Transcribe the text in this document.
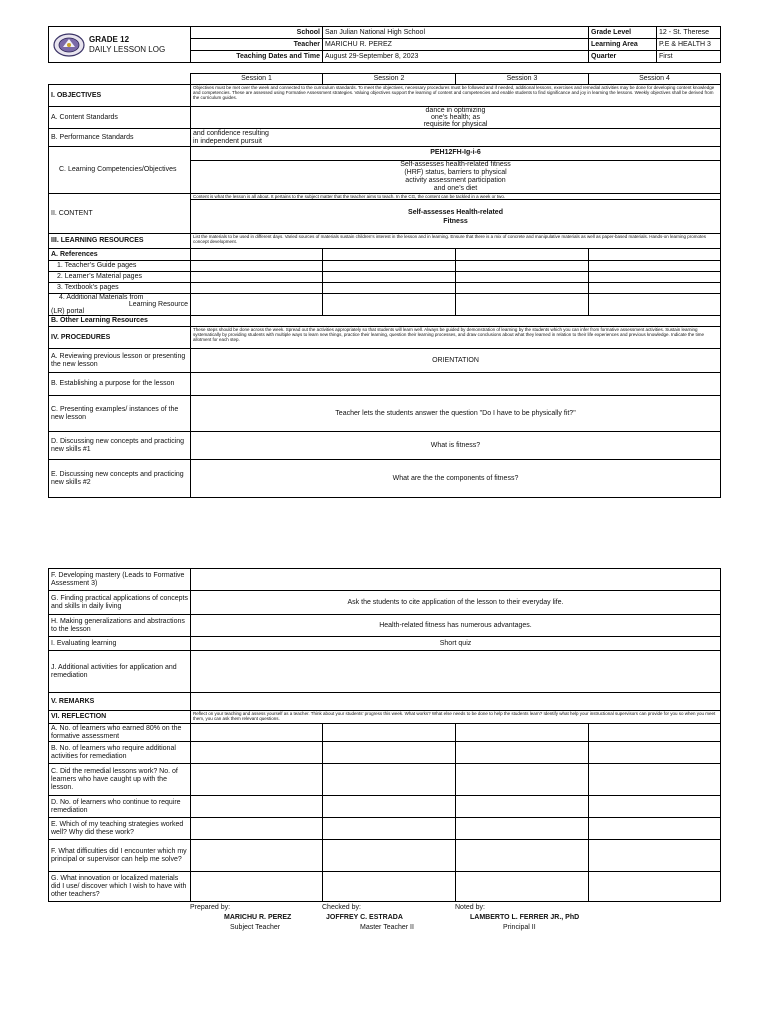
GRADE 12
DAILY LESSON LOG	School	San Julian National High School	Grade Level	12 - St. Therese
	Teacher	MARICHU R. PEREZ	Learning Area	P.E & HEALTH 3
	Teaching Dates and Time	August 29-September 8, 2023	Quarter	First
	Session 1	Session 2	Session 3	Session 4
I. OBJECTIVES	Objectives must be met over the week and connected to the curriculum standards. To meet the objectives, necessary procedures must be followed and if needed, additional lessons, exercises and remedial activities may be done for developing content knowledge and competencies. These are assessed using Formative Assessment strategies. Valuing objectives support the learning of content and competencies and enable students to find significance and joy in learning the lessons. Weekly objectives shall be derived from the curriculum guides.			
A. Content Standards	dance in optimizing
one’s health; as
requisite for physical			

B. Performance Standards	and confidence resulting
in independent pursuit			

C. Learning Competencies/Objectives	PEH12FH-Ig-i-6
Self-assesses health-related fitness
(HRF) status, barriers to physical
activity assessment participation
and one’s diet			

II. CONTENT	Content is what the lesson is all about. It pertains to the subject matter that the teacher aims to teach. In the CG, the content can be tackled in a week or two.
Self-assesses Health-related
Fitness			

III. LEARNING RESOURCES	List the materials to be used in different days. Varied sources of materials sustain children’s interest in the lesson and in learning. Ensure that there is a mix of concrete and manipulative materials as well as paper-based materials. Hands-on learning promotes concept development.			
A. References				
1. Teacher’s Guide pages				
2. Learner’s Material pages				
3. Textbook’s pages				

4. Additional Materials from
Learning Resource
(LR) portal				

B. Other Learning Resources				
IV. PROCEDURES	These steps should be done across the week. Spread out the activities appropriately so that students will learn well. Always be guided by demonstration of learning by the students which you can infer from formative assessment activities. Sustain learning systematically by providing students with multiple ways to learn new things, practice their learning, question their learning processes, and draw conclusions about what they learned in relation to their life experiences and previous knowledge. Indicate the time allotment for each step.			
A. Reviewing previous lesson or presenting the new lesson	ORIENTATION			
B. Establishing a purpose for the lesson				
C. Presenting examples/ instances of the new lesson	Teacher lets the students answer the question "Do I have to be physically fit?"			
D. Discussing new concepts and practicing new skills #1	What is fitness?			
E. Discussing new concepts and practicing new skills #2	What are the the components of fitness?			
F. Developing mastery (Leads to Formative Assessment 3)				
G. Finding practical applications of concepts and skills in daily living	Ask the students to cite application of the lesson to their everyday life.			
H. Making generalizations and abstractions to the lesson	Health-related fitness has numerous advantages.			
I. Evaluating learning	Short quiz			
J. Additional activities for application and remediation				
V. REMARKS				
VI. REFLECTION	Reflect on your teaching and assess yourself as a teacher. Think about your students’ progress this week. What works? What else needs to be done to help the students learn? Identify what help your instructional supervisors can provide for you so when you meet them, you can ask them relevant questions.			
A. No. of learners who earned 80% on the formative assessment				
B. No. of learners who require additional activities for remediation				
C. Did the remedial lessons work? No. of learners who have caught up with the lesson.				
D. No. of learners who continue to require remediation				
E. Which of my teaching strategies worked well? Why did these work?				
F. What difficulties did I encounter which my principal or supervisor can help me solve?				
G. What innovation or localized materials did I use/ discover which I wish to have with other teachers?				
Prepared by:
MARICHU R. PEREZ
Subject Teacher
Checked by:
JOFFREY C. ESTRADA
Master Teacher II
Noted by:
LAMBERTO L. FERRER JR., PhD
Principal II
